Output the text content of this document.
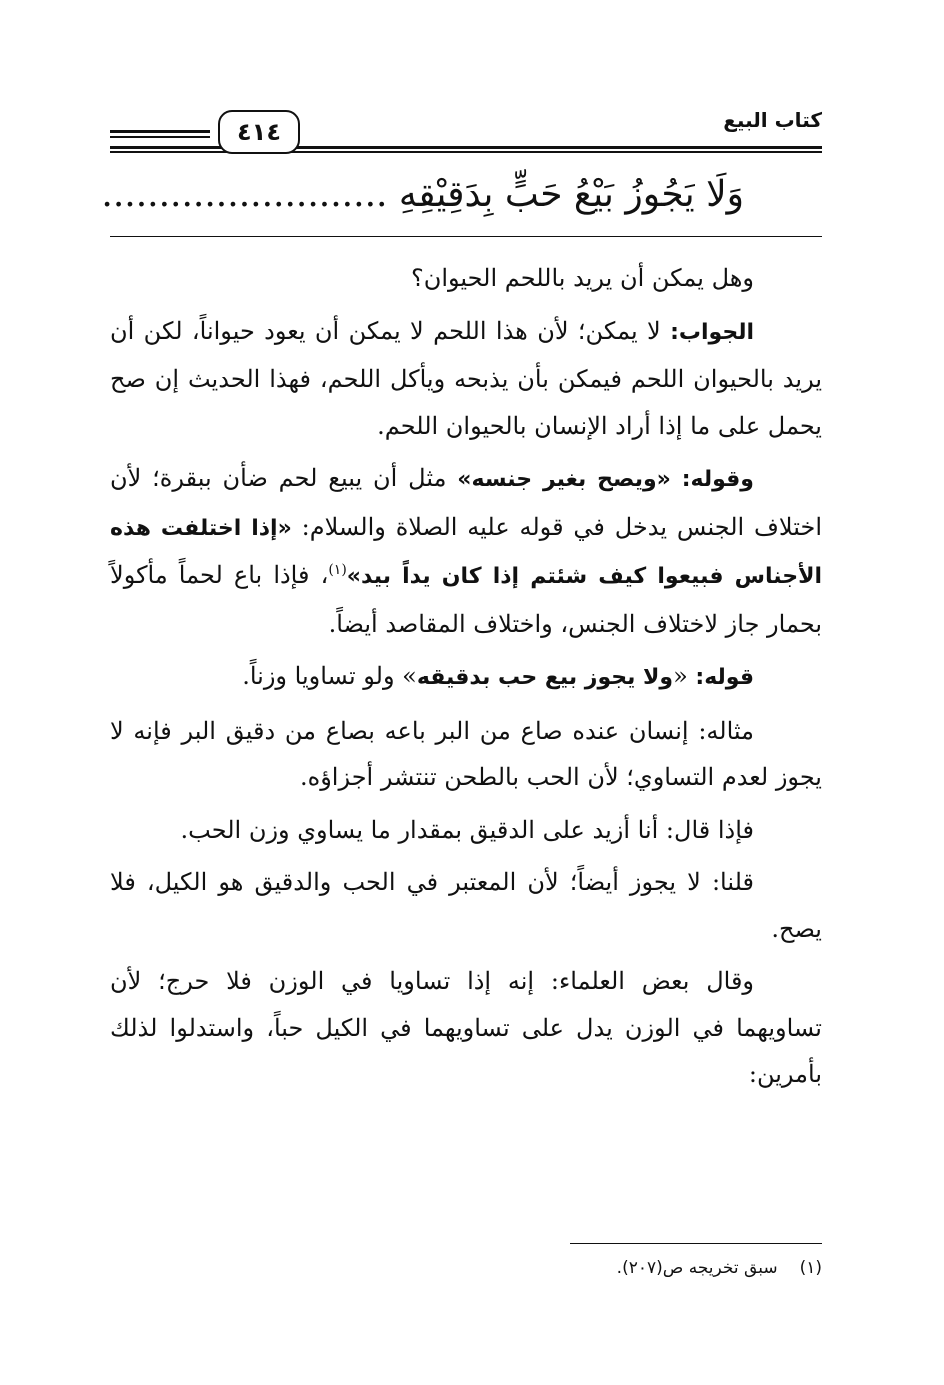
كتاب البيع
٤١٤
وَلَا يَجُوزُ بَيْعُ حَبٍّ بِدَقِيْقِهِ .........................

وهل يمكن أن يريد باللحم الحيوان؟

الجواب: لا يمكن؛ لأن هذا اللحم لا يمكن أن يعود حيواناً، لكن أن يريد بالحيوان اللحم فيمكن بأن يذبحه ويأكل اللحم، فهذا الحديث إن صح يحمل على ما إذا أراد الإنسان بالحيوان اللحم.

وقوله: «ويصح بغير جنسه» مثل أن يبيع لحم ضأن ببقرة؛ لأن اختلاف الجنس يدخل في قوله عليه الصلاة والسلام: «إذا اختلفت هذه الأجناس فبيعوا كيف شئتم إذا كان يداً بيد»$^{(١)}$، فإذا باع لحماً مأكولاً بحمار جاز لاختلاف الجنس، واختلاف المقاصد أيضاً.

قوله: «ولا يجوز بيع حب بدقيقه» ولو تساويا وزناً.

مثاله: إنسان عنده صاع من البر باعه بصاع من دقيق البر فإنه لا يجوز لعدم التساوي؛ لأن الحب بالطحن تنتشر أجزاؤه.

فإذا قال: أنا أزيد على الدقيق بمقدار ما يساوي وزن الحب.

قلنا: لا يجوز أيضاً؛ لأن المعتبر في الحب والدقيق هو الكيل، فلا يصح.

وقال بعض العلماء: إنه إذا تساويا في الوزن فلا حرج؛ لأن تساويهما في الوزن يدل على تساويهما في الكيل حباً، واستدلوا لذلك بأمرين:

(١)سبق تخريجه ص(٢٠٧).
